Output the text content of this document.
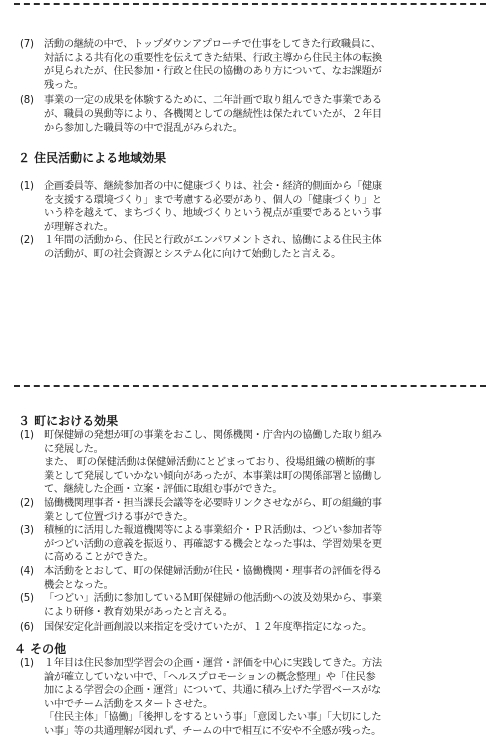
(7)	活動の継続の中で、トップダウンアプローチで仕事をしてきた行政職員に、
対話による共有化の重要性を伝えてきた結果、行政主導から住民主体の転換
が見られたが、住民参加・行政と住民の協働のあり方について、なお課題が
残った。
(8)	事業の一定の成果を体験するために、二年計画で取り組んできた事業である
が、職員の異動等により、各機関としての継続性は保たれていたが、２年目
から参加した職員等の中で混乱がみられた。
２ 住民活動による地域効果
(1)	企画委員等、継続参加者の中に健康づくりは、社会・経済的側面から「健康
を支援する環境づくり」まで考慮する必要があり、個人の「健康づくり」と
いう枠を越えて、まちづくり、地域づくりという視点が重要であるという事
が理解された。
(2)	１年間の活動から、住民と行政がエンパワメントされ、協働による住民主体
の活動が、町の社会資源とシステム化に向けて始動したと言える。
３ 町における効果
(1)	町保健婦の発想が町の事業をおこし、関係機関・庁舎内の協働した取り組み
に発展した。
また、 町の保健活動は保健婦活動にとどまっており、役場組織の横断的事
業として発展していかない傾向があったが、本事業は町の関係部署と協働し
て、継続した企画・立案・評価に取組む事ができた。
(2)	協働機関理事者・担当課長会議等を必要時リンクさせながら、町の組織的事
業として位置づける事ができた。
(3)	積極的に活用した報道機関等による事業紹介・ＰＲ活動は、つどい参加者等
がつどい活動の意義を振返り、再確認する機会となった事は、学習効果を更
に高めることができた。
(4)	本活動をとおして、町の保健婦活動が住民・協働機関・理事者の評価を得る
機会となった。
(5)	「つどい」活動に参加しているＭ町保健婦の他活動への波及効果から、事業
により研修・教育効果があったと言える。
(6)	国保安定化計画創設以来指定を受けていたが、１２年度準指定になった。
４ その他
(1)	１年目は住民参加型学習会の企画・運営・評価を中心に実践してきた。方法
論が確立していない中で、「ヘルスプロモーションの概念整理」や「住民参
加による学習会の企画・運営」について、共通に積み上げた学習ベースがな
い中でチーム活動をスタートさせた。
「住民主体」「協働」「後押しをするという事」「意図したい事」「大切にした
い事」等の共通理解が図れず、チームの中で相互に不安や不全感が残った。
